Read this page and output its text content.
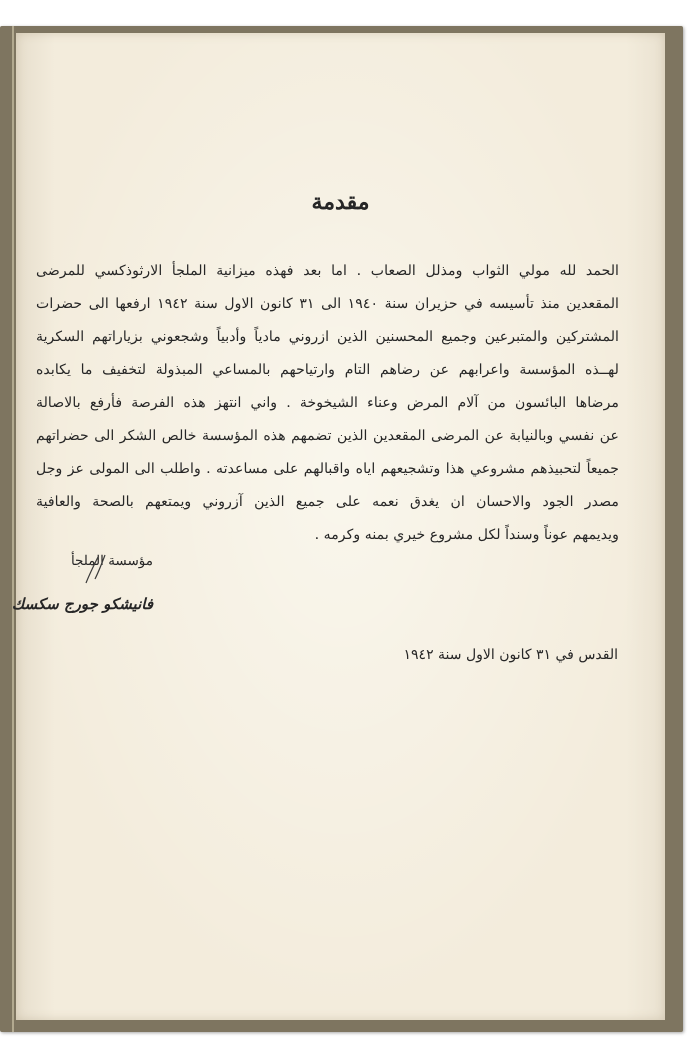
مقدمة
الحمد لله مولي الثواب ومذلل الصعاب . اما بعد فهذه ميزانية الملجأ الارثوذكسي للمرضى
المقعدين منذ تأسيسه في حزيران سنة ١٩٤٠ الى ٣١ كانون الاول سنة ١٩٤٢ ارفعها الى حضرات
المشتركين والمتبرعين وجميع المحسنين الذين ازروني مادياً وأدبياً وشجعوني بزياراتهم السكرية
لهــذه المؤسسة واعرابهم عن رضاهم التام وارتياحهم بالمساعي المبذولة لتخفيف ما يكابده
مرضاها البائسون من آلام المرض وعناء الشيخوخة . واني انتهز هذه الفرصة فأرفع بالاصالة
عن نفسي وبالنيابة عن المرضى المقعدين الذين تضمهم هذه المؤسسة خالص الشكر الى حضراتهم
جميعاً لتحبيذهم مشروعي هذا وتشجيعهم اياه واقبالهم على مساعدته . واطلب الى المولى عز وجل
مصدر الجود والاحسان ان يغدق نعمه على جميع الذين آزروني ويمتعهم بالصحة والعافية
ويديمهم عوناً وسنداً لكل مشروع خيري بمنه وكرمه .
مؤسسة الملجأ
فانيشكو جورج سكسك
القدس في ٣١ كانون الاول سنة ١٩٤٢
